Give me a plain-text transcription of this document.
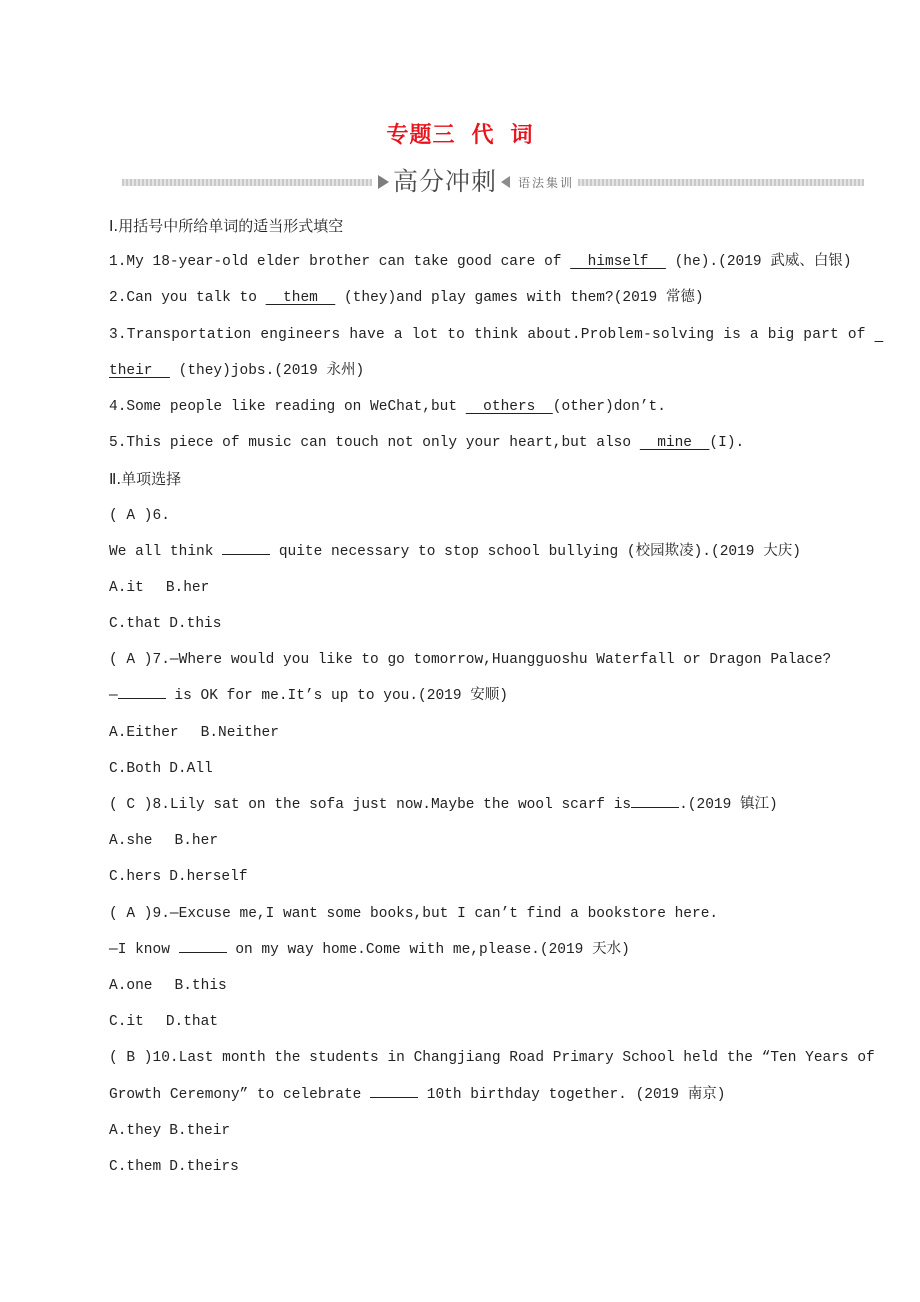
专题三 代 词
高分冲刺 语法集训
Ⅰ.用括号中所给单词的适当形式填空
1.My 18-year-old elder brother can take good care of   himself   (he).(2019 武威、白银)
2.Can you talk to   them   (they)and play games with them?(2019 常德)
3.Transportation engineers have a lot to think about.Problem-solving is a big part of
their   (they)jobs.(2019 永州)
4.Some people like reading on WeChat,but   others  (other)don’t.
5.This piece of music can touch not only your heart,but also   mine  (I).
Ⅱ.单项选择
( A )6.
We all think	quite necessary to stop school bullying (校园欺凌).(2019 大庆)
A.it B.her
C.that D.this
( A )7.—Where would you like to go tomorrow,Huangguoshu Waterfall or Dragon Palace?
—	is OK for me.It’s up to you.(2019 安顺)
A.Either B.Neither
C.Both D.All
( C )8.Lily sat on the sofa just now.Maybe the wool scarf is	.(2019 镇江)
A.she B.her
C.hers D.herself
( A )9.—Excuse me,I want some books,but I can’t find a bookstore here.
—I know	on my way home.Come with me,please.(2019 天水)
A.one B.this
C.it D.that
( B )10.Last month the students in Changjiang Road Primary School held the “Ten Years of
Growth Ceremony” to celebrate	10th birthday together. (2019 南京)
A.they B.their
C.them D.theirs
